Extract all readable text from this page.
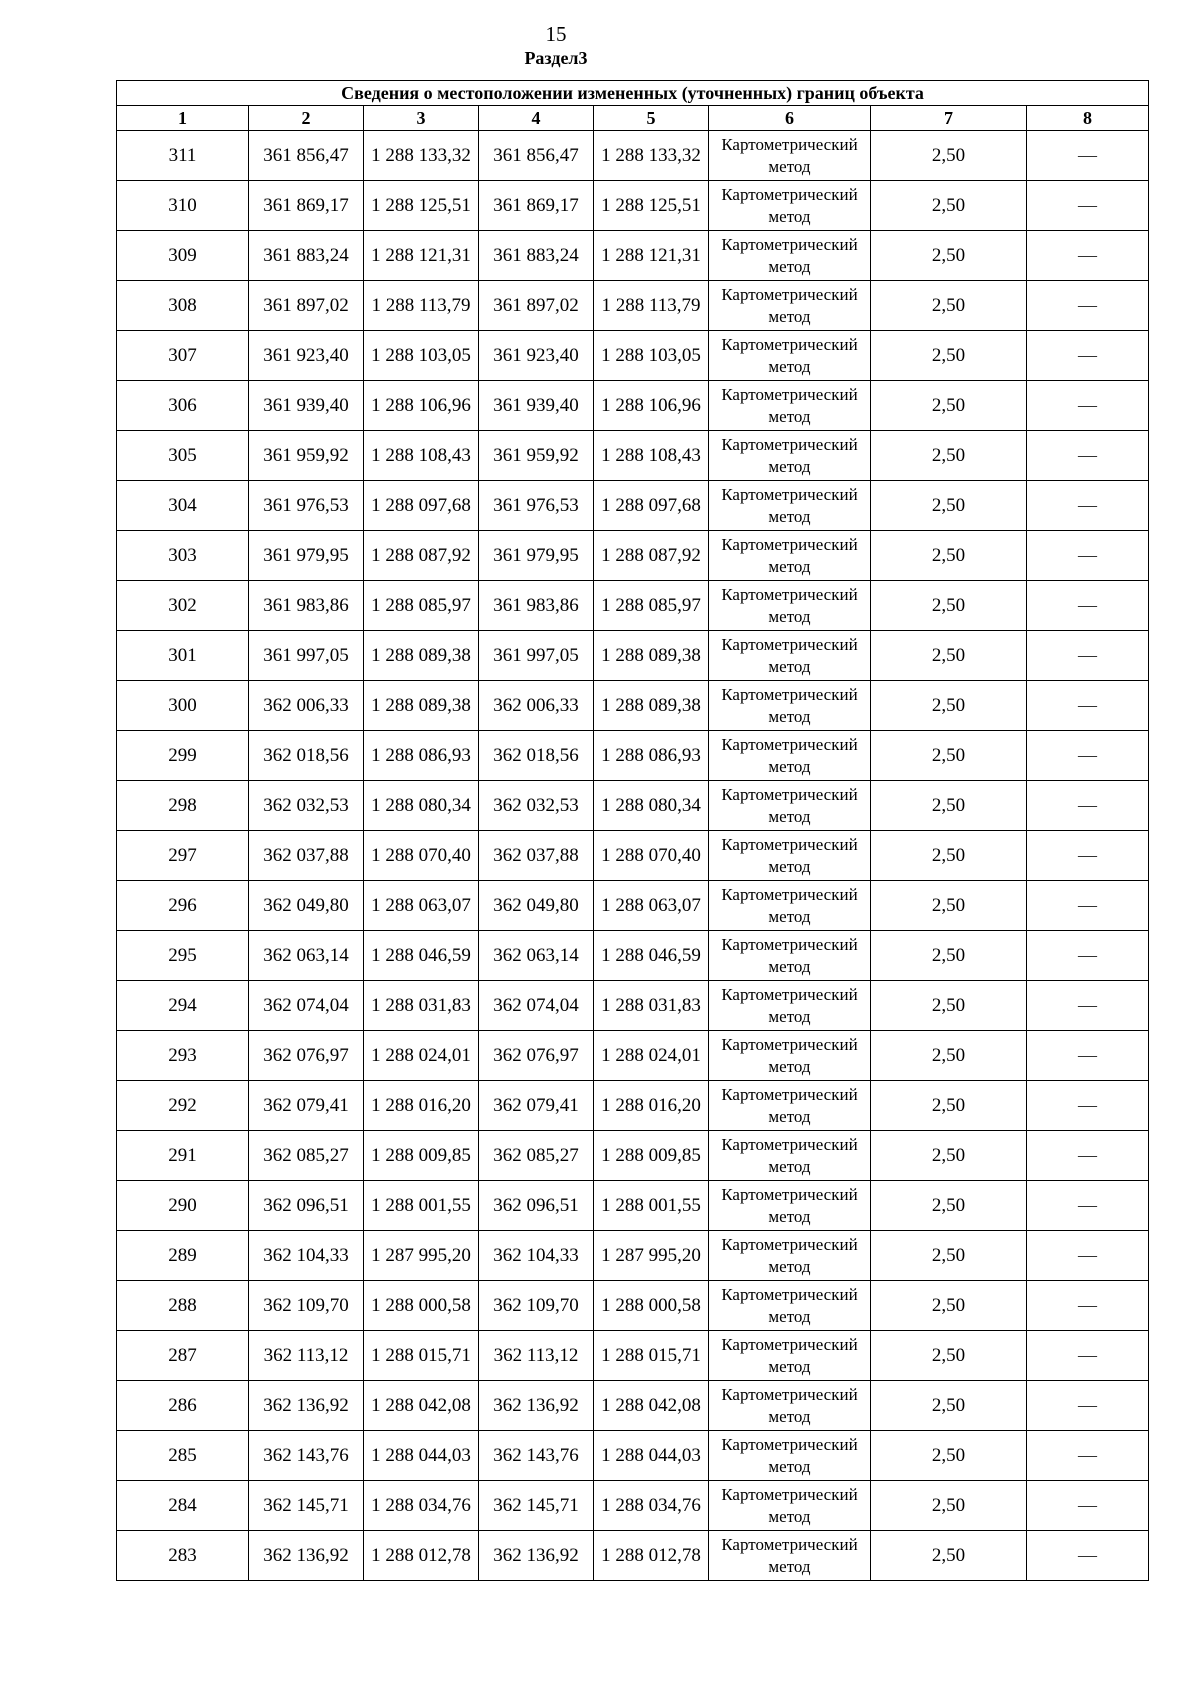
15
Раздел3
Сведения о местоположении измененных (уточненных) границ объекта							
1	2	3	4	5	6	7	8
311	361 856,47	1 288 133,32	361 856,47	1 288 133,32	Картометрический метод	2,50	—
310	361 869,17	1 288 125,51	361 869,17	1 288 125,51	Картометрический метод	2,50	—
309	361 883,24	1 288 121,31	361 883,24	1 288 121,31	Картометрический метод	2,50	—
308	361 897,02	1 288 113,79	361 897,02	1 288 113,79	Картометрический метод	2,50	—
307	361 923,40	1 288 103,05	361 923,40	1 288 103,05	Картометрический метод	2,50	—
306	361 939,40	1 288 106,96	361 939,40	1 288 106,96	Картометрический метод	2,50	—
305	361 959,92	1 288 108,43	361 959,92	1 288 108,43	Картометрический метод	2,50	—
304	361 976,53	1 288 097,68	361 976,53	1 288 097,68	Картометрический метод	2,50	—
303	361 979,95	1 288 087,92	361 979,95	1 288 087,92	Картометрический метод	2,50	—
302	361 983,86	1 288 085,97	361 983,86	1 288 085,97	Картометрический метод	2,50	—
301	361 997,05	1 288 089,38	361 997,05	1 288 089,38	Картометрический метод	2,50	—
300	362 006,33	1 288 089,38	362 006,33	1 288 089,38	Картометрический метод	2,50	—
299	362 018,56	1 288 086,93	362 018,56	1 288 086,93	Картометрический метод	2,50	—
298	362 032,53	1 288 080,34	362 032,53	1 288 080,34	Картометрический метод	2,50	—
297	362 037,88	1 288 070,40	362 037,88	1 288 070,40	Картометрический метод	2,50	—
296	362 049,80	1 288 063,07	362 049,80	1 288 063,07	Картометрический метод	2,50	—
295	362 063,14	1 288 046,59	362 063,14	1 288 046,59	Картометрический метод	2,50	—
294	362 074,04	1 288 031,83	362 074,04	1 288 031,83	Картометрический метод	2,50	—
293	362 076,97	1 288 024,01	362 076,97	1 288 024,01	Картометрический метод	2,50	—
292	362 079,41	1 288 016,20	362 079,41	1 288 016,20	Картометрический метод	2,50	—
291	362 085,27	1 288 009,85	362 085,27	1 288 009,85	Картометрический метод	2,50	—
290	362 096,51	1 288 001,55	362 096,51	1 288 001,55	Картометрический метод	2,50	—
289	362 104,33	1 287 995,20	362 104,33	1 287 995,20	Картометрический метод	2,50	—
288	362 109,70	1 288 000,58	362 109,70	1 288 000,58	Картометрический метод	2,50	—
287	362 113,12	1 288 015,71	362 113,12	1 288 015,71	Картометрический метод	2,50	—
286	362 136,92	1 288 042,08	362 136,92	1 288 042,08	Картометрический метод	2,50	—
285	362 143,76	1 288 044,03	362 143,76	1 288 044,03	Картометрический метод	2,50	—
284	362 145,71	1 288 034,76	362 145,71	1 288 034,76	Картометрический метод	2,50	—
283	362 136,92	1 288 012,78	362 136,92	1 288 012,78	Картометрический метод	2,50	—
